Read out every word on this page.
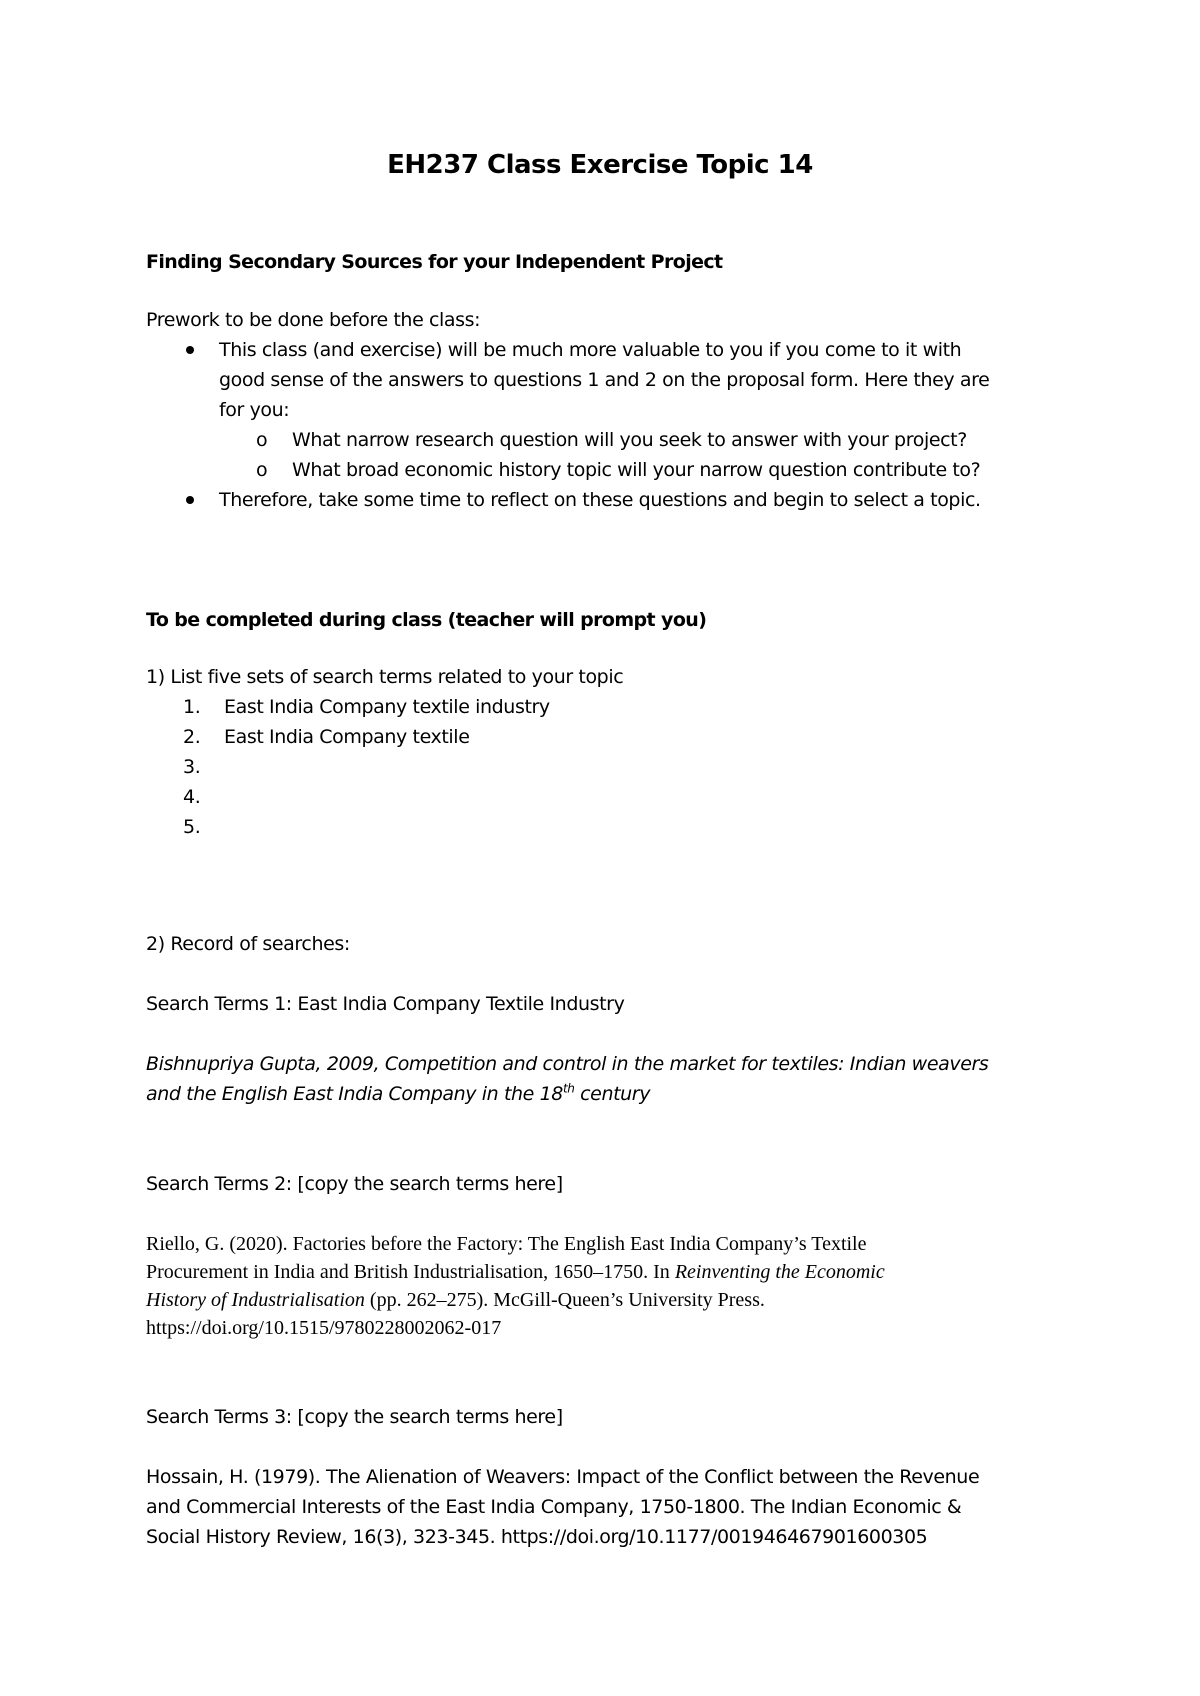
EH237 Class Exercise Topic 14
Finding Secondary Sources for your Independent Project
Prework to be done before the class:
This class (and exercise) will be much more valuable to you if you come to it with
good sense of the answers to questions 1 and 2 on the proposal form. Here they are
for you:
o What narrow research question will you seek to answer with your project?
o What broad economic history topic will your narrow question contribute to?
Therefore, take some time to reflect on these questions and begin to select a topic.
To be completed during class (teacher will prompt you)
1) List five sets of search terms related to your topic
1. East India Company textile industry
2. East India Company textile
3.
4.
5.
2) Record of searches:
Search Terms 1: East India Company Textile Industry
Bishnupriya Gupta, 2009, Competition and control in the market for textiles: Indian weavers
and the English East India Company in the 18th century
Search Terms 2: [copy the search terms here]
Riello, G. (2020). Factories before the Factory: The English East India Company’s Textile
Procurement in India and British Industrialisation, 1650–1750. In Reinventing the Economic
History of Industrialisation (pp. 262–275). McGill-Queen’s University Press.
https://doi.org/10.1515/9780228002062-017
Search Terms 3: [copy the search terms here]
Hossain, H. (1979). The Alienation of Weavers: Impact of the Conflict between the Revenue
and Commercial Interests of the East India Company, 1750-1800. The Indian Economic &
Social History Review, 16(3), 323-345. https://doi.org/10.1177/001946467901600305
